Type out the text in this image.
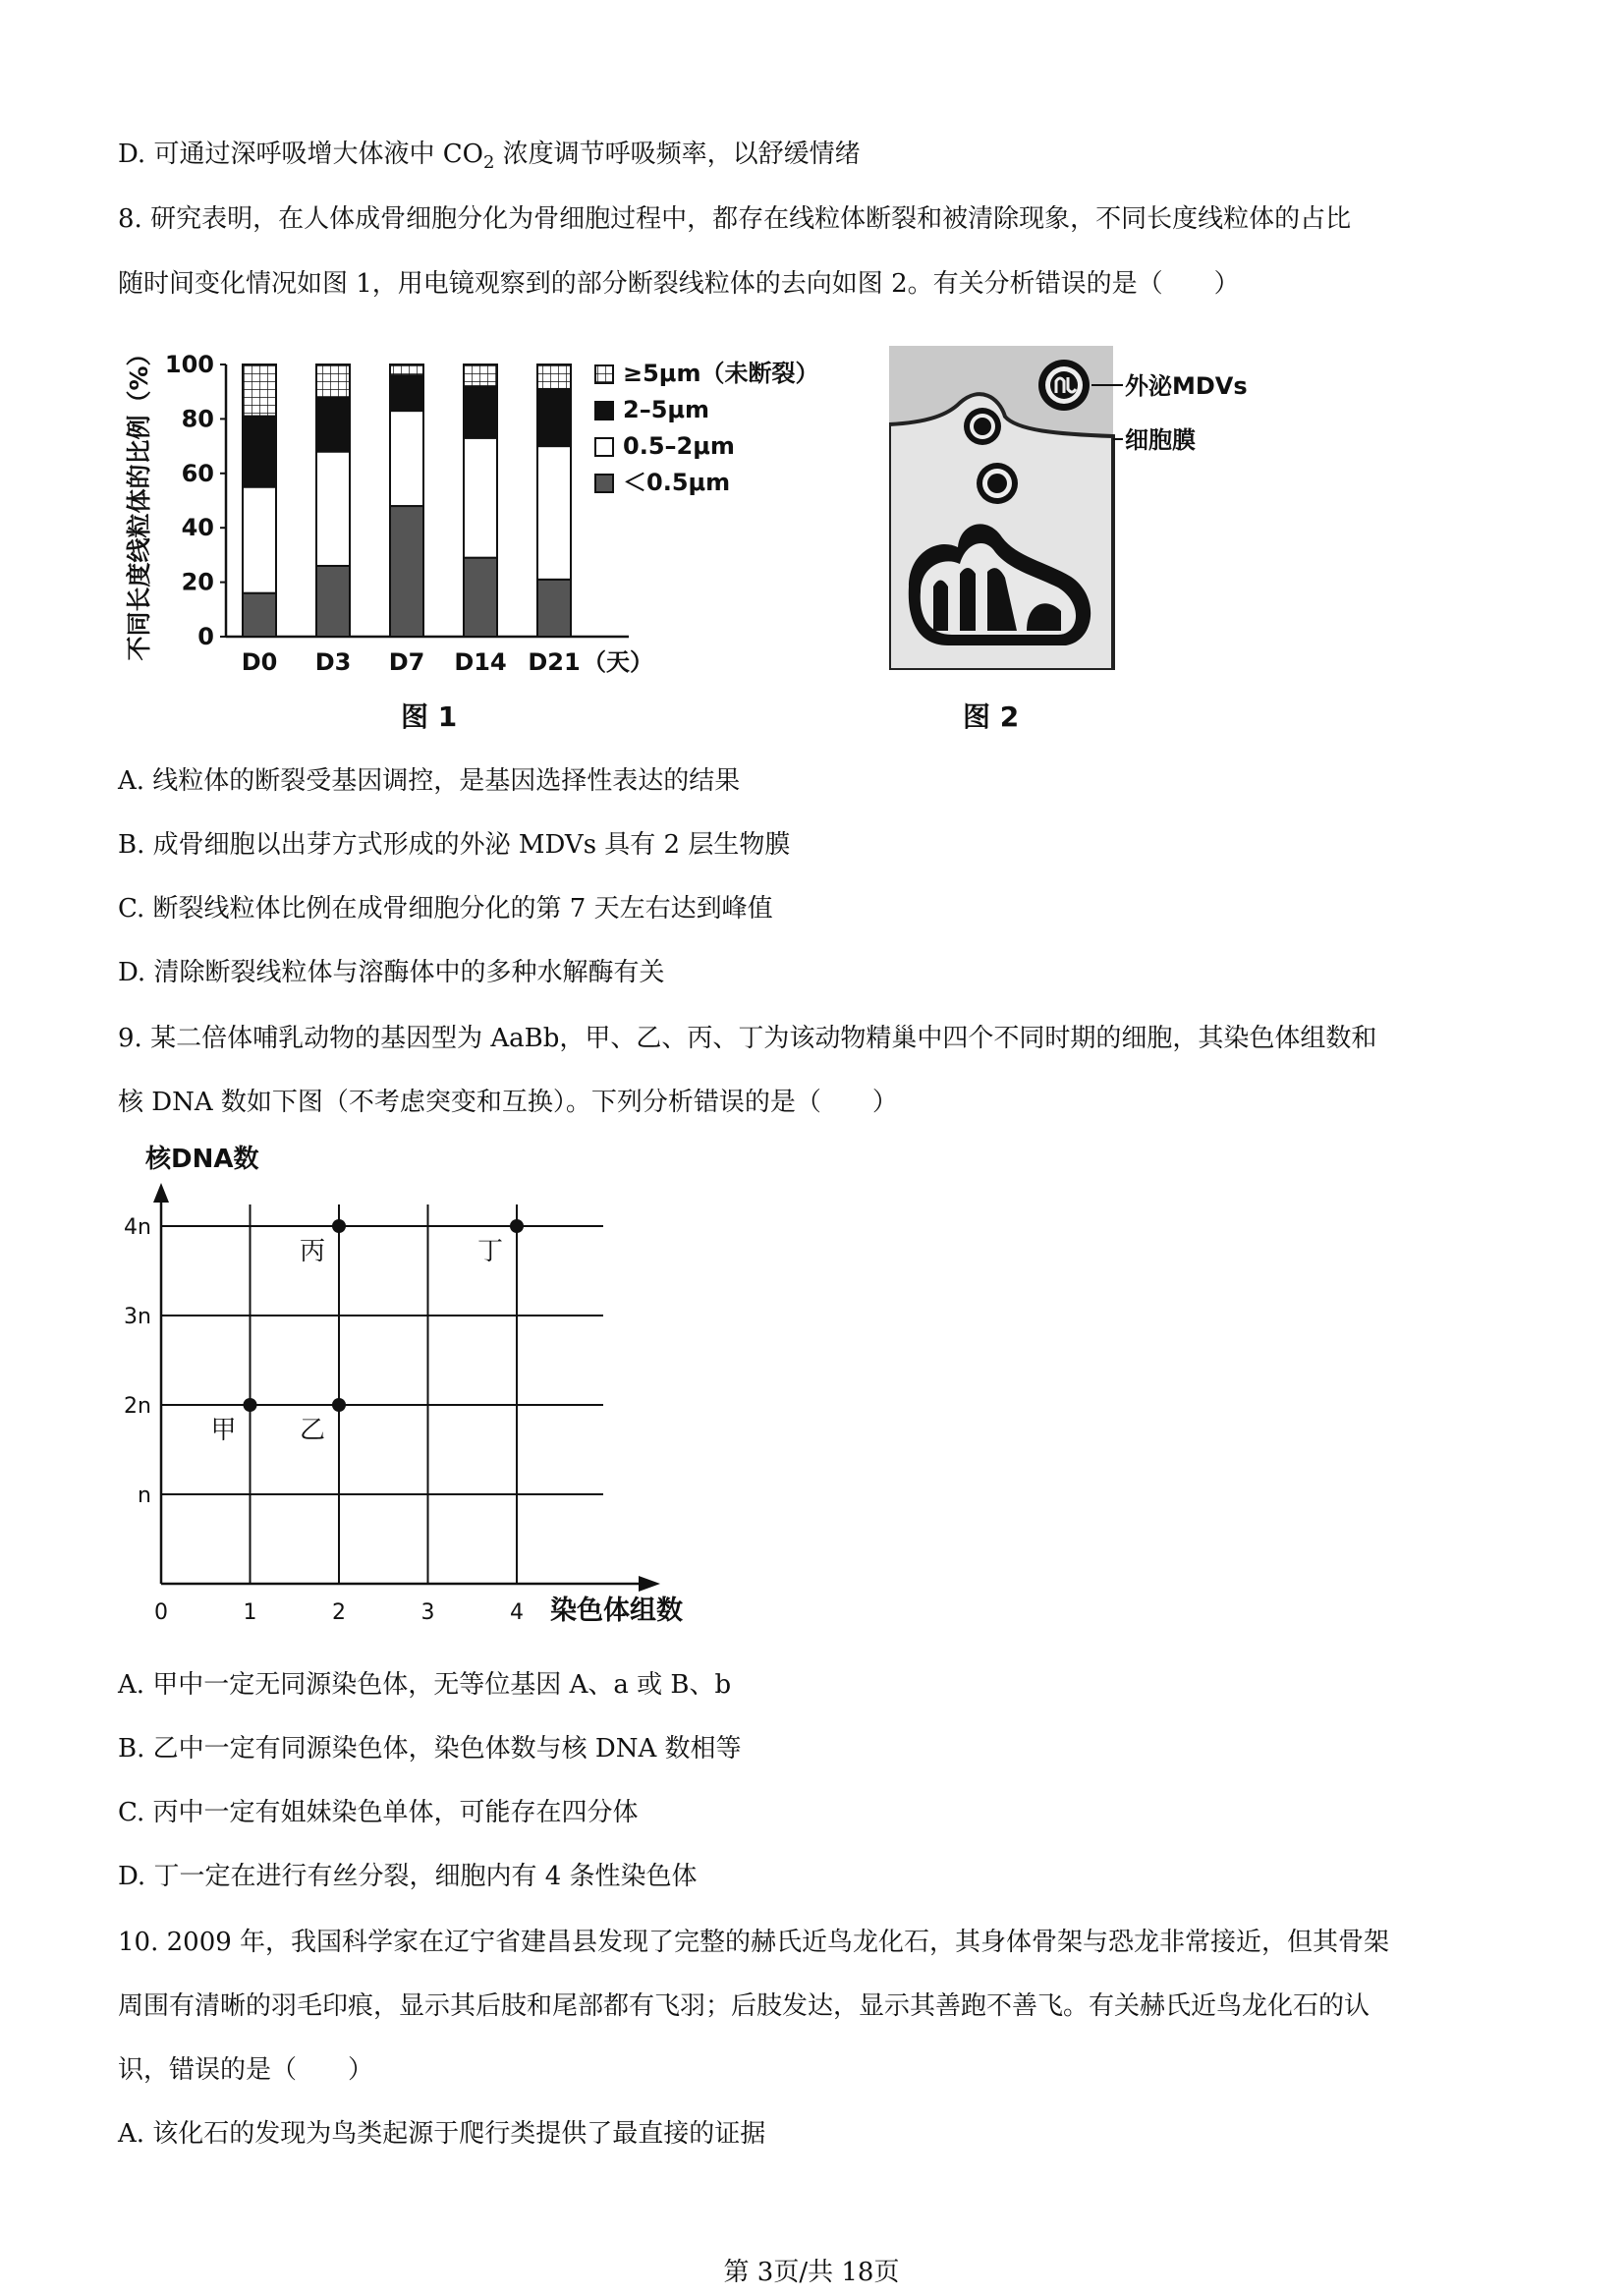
D. 可通过深呼吸增大体液中 $CO_2$ 浓度调节呼吸频率，以舒缓情绪
8. 研究表明，在人体成骨细胞分化为骨细胞过程中，都存在线粒体断裂和被清除现象，不同长度线粒体的占比
随时间变化情况如图 1，用电镜观察到的部分断裂线粒体的去向如图 2。有关分析错误的是（　　）
不同长度线粒体的比例（%） 0
20
40
60
80
100
D0 D3 D7 D14 D21 （天）
≥5μm（未断裂）
2–5μm
0.5–2μm
＜0.5μm
图 1
外泌MDVs
细胞膜
图 2
A. 线粒体的断裂受基因调控，是基因选择性表达的结果
B. 成骨细胞以出芽方式形成的外泌 MDVs 具有 2 层生物膜
C. 断裂线粒体比例在成骨细胞分化的第 7 天左右达到峰值
D. 清除断裂线粒体与溶酶体中的多种水解酶有关
9. 某二倍体哺乳动物的基因型为 AaBb，甲、乙、丙、丁为该动物精巢中四个不同时期的细胞，其染色体组数和
核 DNA 数如下图（不考虑突变和互换）。下列分析错误的是（　　）
核DNA数
n
2n
3n
4n
0	1	2	3	4 染色体组数
甲 乙
丙	丁
A. 甲中一定无同源染色体，无等位基因 A、a 或 B、b
B. 乙中一定有同源染色体，染色体数与核 DNA 数相等
C. 丙中一定有姐妹染色单体，可能存在四分体
D. 丁一定在进行有丝分裂，细胞内有 4 条性染色体
10. 2009 年，我国科学家在辽宁省建昌县发现了完整的赫氏近鸟龙化石，其身体骨架与恐龙非常接近，但其骨架
周围有清晰的羽毛印痕，显示其后肢和尾部都有飞羽；后肢发达，显示其善跑不善飞。有关赫氏近鸟龙化石的认
识，错误的是（　　）
A. 该化石的发现为鸟类起源于爬行类提供了最直接的证据
第 3页/共 18页
